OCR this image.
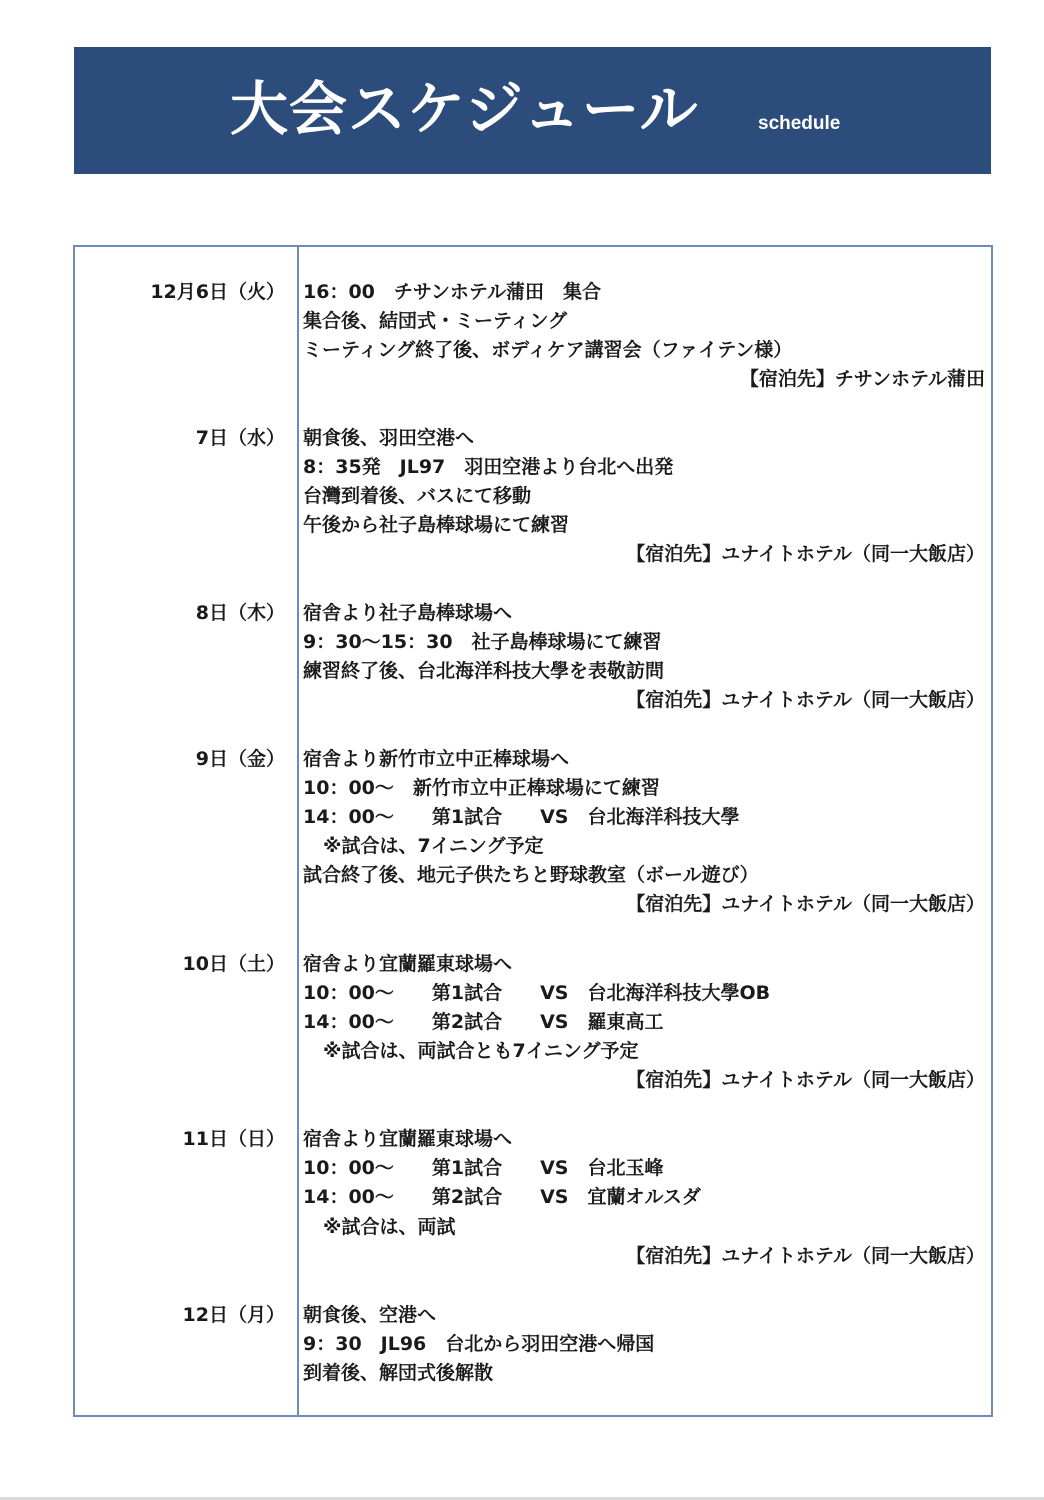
大会スケジュール	schedule
12月6日（火） 16：00　チサンホテル蒲田　集合
集合後、結団式・ミーティング
ミーティング終了後、ボディケア講習会（ファイテン様）
【宿泊先】チサンホテル蒲田
7日（水） 朝食後、羽田空港へ
8：35発　JL97　羽田空港より台北へ出発
台灣到着後、バスにて移動
午後から社子島棒球場にて練習
【宿泊先】ユナイトホテル（同一大飯店）
8日（木） 宿舎より社子島棒球場へ
9：30～15：30　社子島棒球場にて練習
練習終了後、台北海洋科技大學を表敬訪問
【宿泊先】ユナイトホテル（同一大飯店）
9日（金） 宿舎より新竹市立中正棒球場へ
10：00～　新竹市立中正棒球場にて練習
14：00～　　第1試合　　VS　台北海洋科技大學
※試合は、7イニング予定
試合終了後、地元子供たちと野球教室（ボール遊び）
【宿泊先】ユナイトホテル（同一大飯店）
10日（土） 宿舎より宜蘭羅東球場へ
10：00～　　第1試合　　VS　台北海洋科技大學OB
14：00～　　第2試合　　VS　羅東高工
※試合は、両試合とも7イニング予定
【宿泊先】ユナイトホテル（同一大飯店）
11日（日） 宿舎より宜蘭羅東球場へ
10：00～　　第1試合　　VS　台北玉峰
14：00～　　第2試合　　VS　宜蘭オルスダ
※試合は、両試
【宿泊先】ユナイトホテル（同一大飯店）
12日（月） 朝食後、空港へ
9：30　JL96　台北から羽田空港へ帰国
到着後、解団式後解散
